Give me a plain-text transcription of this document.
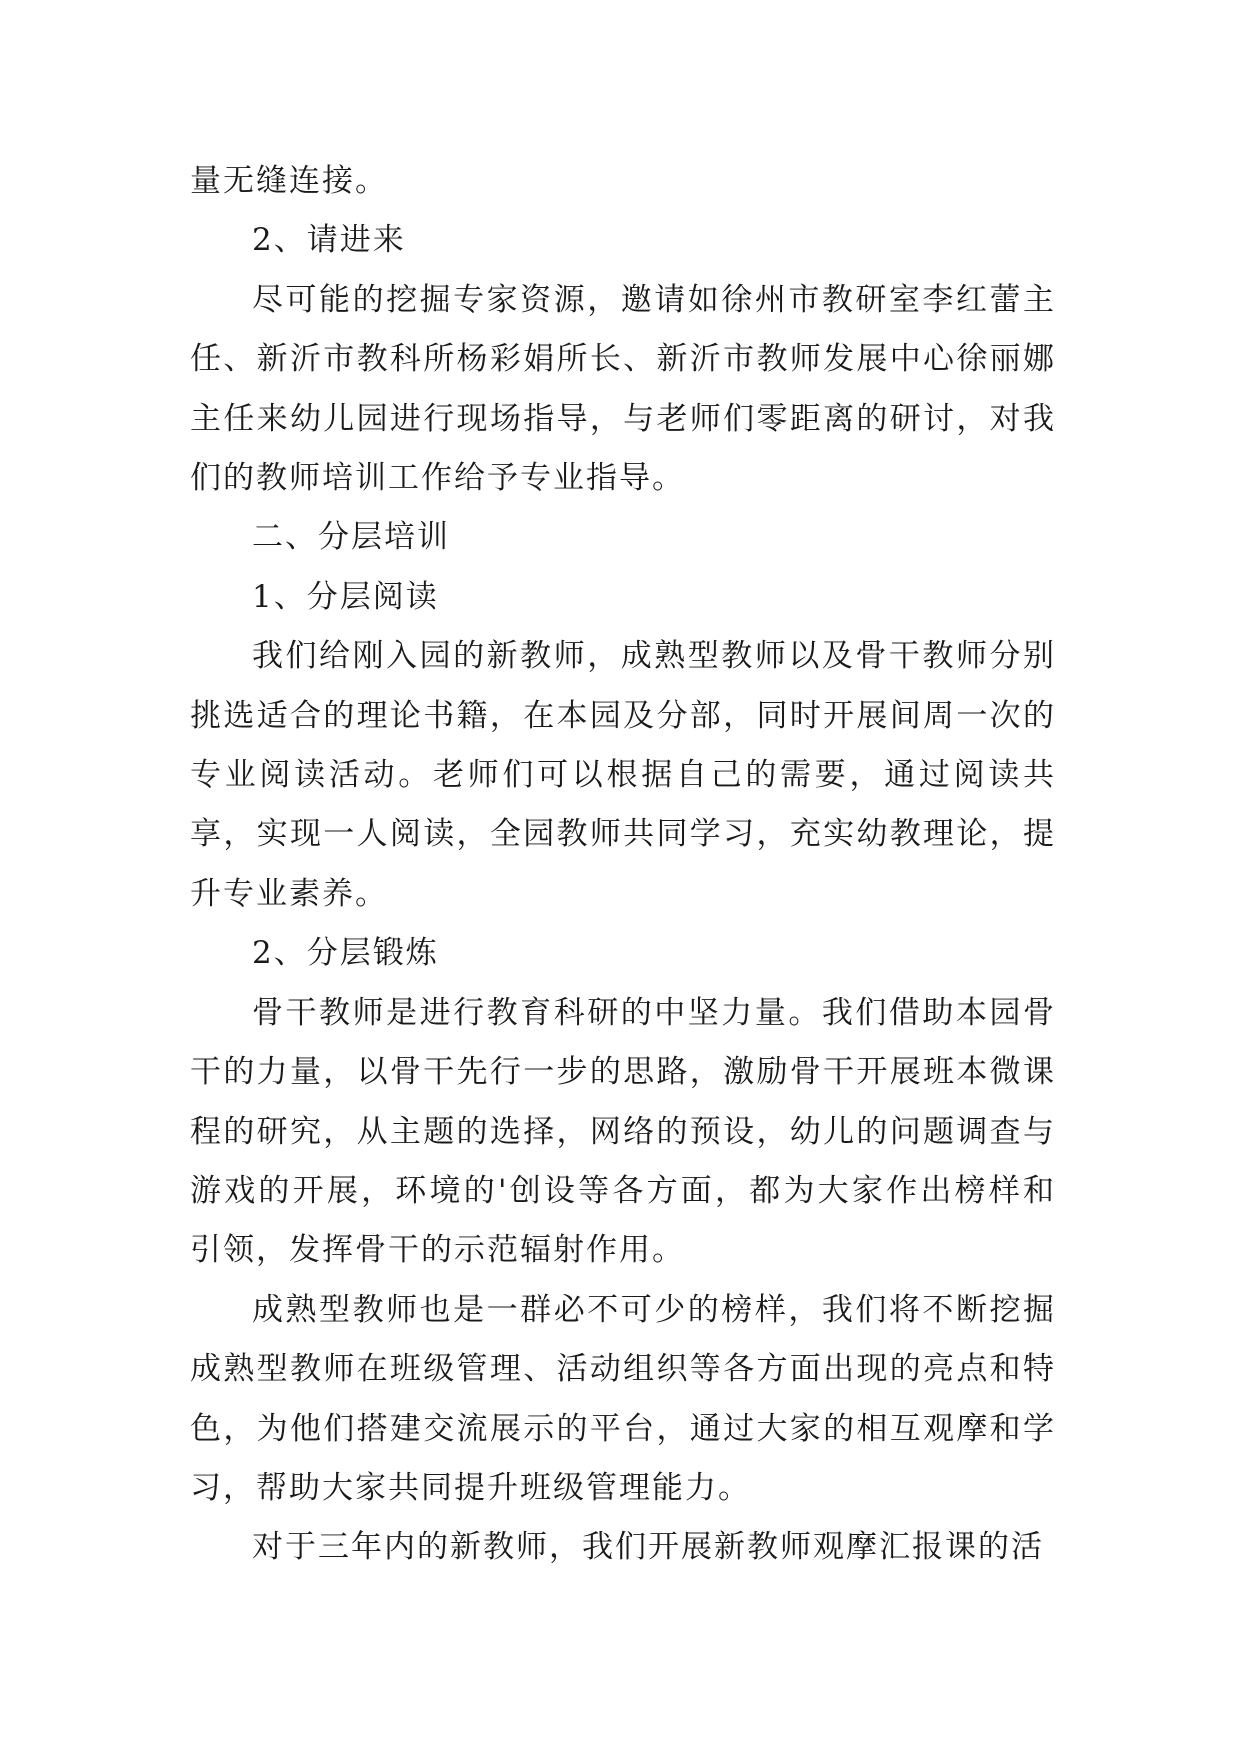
量无缝连接。

2、请进来

尽可能的挖掘专家资源，邀请如徐州市教研室李红蕾主任、新沂市教科所杨彩娟所长、新沂市教师发展中心徐丽娜主任来幼儿园进行现场指导，与老师们零距离的研讨，对我们的教师培训工作给予专业指导。

二、分层培训

1、分层阅读

我们给刚入园的新教师，成熟型教师以及骨干教师分别挑选适合的理论书籍，在本园及分部，同时开展间周一次的专业阅读活动。老师们可以根据自己的需要，通过阅读共享，实现一人阅读，全园教师共同学习，充实幼教理论，提升专业素养。

2、分层锻炼

骨干教师是进行教育科研的中坚力量。我们借助本园骨干的力量，以骨干先行一步的思路，激励骨干开展班本微课程的研究，从主题的选择，网络的预设，幼儿的问题调查与游戏的开展，环境的'创设等各方面，都为大家作出榜样和引领，发挥骨干的示范辐射作用。

成熟型教师也是一群必不可少的榜样，我们将不断挖掘成熟型教师在班级管理、活动组织等各方面出现的亮点和特色，为他们搭建交流展示的平台，通过大家的相互观摩和学习，帮助大家共同提升班级管理能力。

对于三年内的新教师，我们开展新教师观摩汇报课的活
